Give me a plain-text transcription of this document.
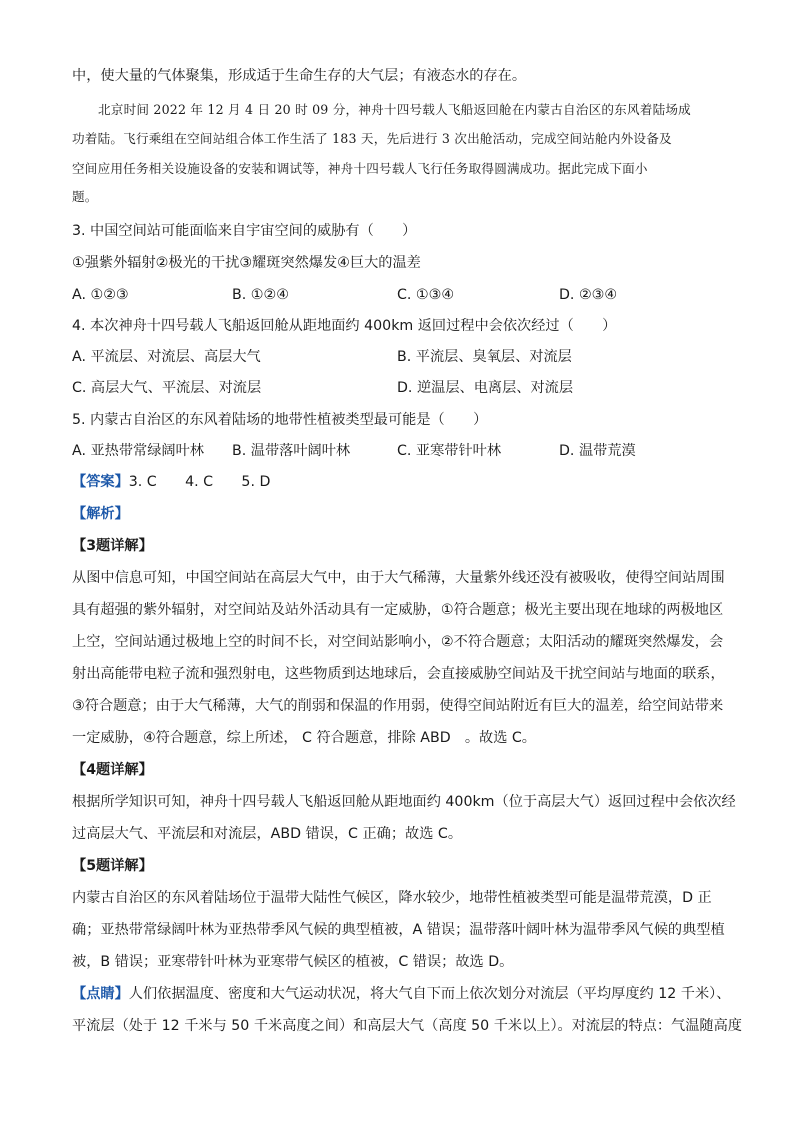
中，使大量的气体聚集，形成适于生命生存的大气层；有液态水的存在。
北京时间 2022 年 12 月 4 日 20 时 09 分，神舟十四号载人飞船返回舱在内蒙古自治区的东风着陆场成
功着陆。飞行乘组在空间站组合体工作生活了 183 天，先后进行 3 次出舱活动，完成空间站舱内外设备及
空间应用任务相关设施设备的安装和调试等，神舟十四号载人飞行任务取得圆满成功。据此完成下面小
题。
3. 中国空间站可能面临来自宇宙空间的威胁有（　　）
①强紫外辐射②极光的干扰③耀斑突然爆发④巨大的温差
A. ①②③	B. ①②④	C. ①③④	D. ②③④
4. 本次神舟十四号载人飞船返回舱从距地面约 400km 返回过程中会依次经过（　　）
A. 平流层、对流层、高层大气	B. 平流层、臭氧层、对流层
C. 高层大气、平流层、对流层	D. 逆温层、电离层、对流层
5. 内蒙古自治区的东风着陆场的地带性植被类型最可能是（　　）
A. 亚热带常绿阔叶林 B. 温带落叶阔叶林	C. 亚寒带针叶林	D. 温带荒漠
【答案】3. C　　4. C　　5. D
【解析】
【3题详解】
从图中信息可知，中国空间站在高层大气中，由于大气稀薄，大量紫外线还没有被吸收，使得空间站周围
具有超强的紫外辐射，对空间站及站外活动具有一定威胁，①符合题意；极光主要出现在地球的两极地区
上空，空间站通过极地上空的时间不长，对空间站影响小，②不符合题意；太阳活动的耀斑突然爆发，会
射出高能带电粒子流和强烈射电，这些物质到达地球后，会直接威胁空间站及干扰空间站与地面的联系，
③符合题意；由于大气稀薄，大气的削弱和保温的作用弱，使得空间站附近有巨大的温差，给空间站带来
一定威胁，④符合题意，综上所述， C 符合题意，排除 ABD　。故选 C。
【4题详解】
根据所学知识可知，神舟十四号载人飞船返回舱从距地面约 400km（位于高层大气）返回过程中会依次经
过高层大气、平流层和对流层，ABD 错误，C 正确；故选 C。
【5题详解】
内蒙古自治区的东风着陆场位于温带大陆性气候区，降水较少，地带性植被类型可能是温带荒漠，D 正
确；亚热带常绿阔叶林为亚热带季风气候的典型植被，A 错误；温带落叶阔叶林为温带季风气候的典型植
被，B 错误；亚寒带针叶林为亚寒带气候区的植被，C 错误；故选 D。
【点睛】人们依据温度、密度和大气运动状况，将大气自下而上依次划分对流层（平均厚度约 12 千米）、
平流层（处于 12 千米与 50 千米高度之间）和高层大气（高度 50 千米以上）。对流层的特点：气温随高度
